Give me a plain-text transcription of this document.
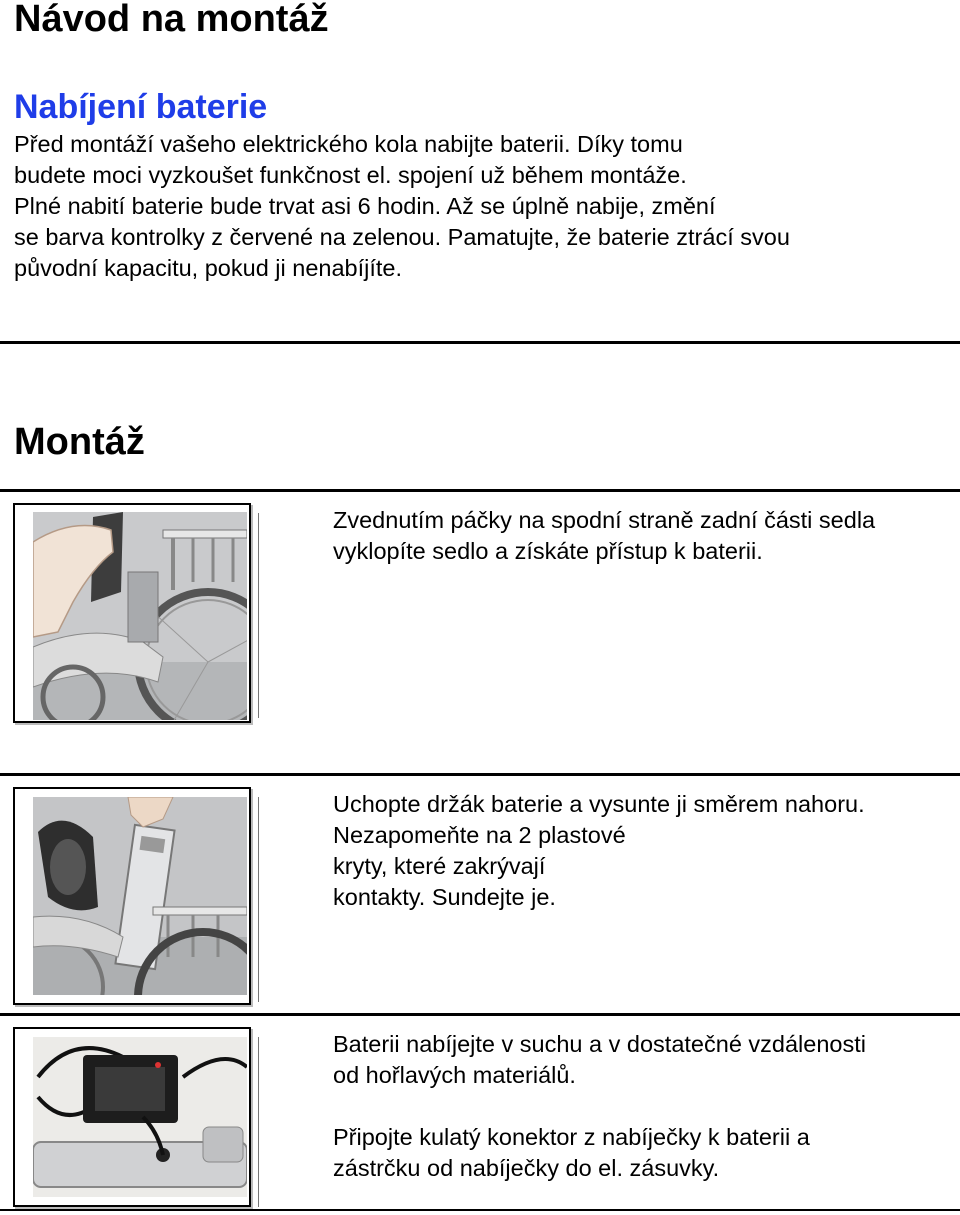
Návod na montáž
Nabíjení baterie
Před montáží vašeho elektrického kola nabijte baterii. Díky tomu
budete moci vyzkoušet funkčnost el. spojení už během montáže.
Plné nabití baterie bude trvat asi 6 hodin. Až se úplně nabije, změní
se barva kontrolky z červené na zelenou. Pamatujte, že baterie ztrácí svou
původní kapacitu, pokud ji nenabíjíte.
Montáž
Zvednutím páčky na spodní straně zadní části sedla
vyklopíte sedlo a získáte přístup k baterii.
Uchopte držák baterie a vysunte ji směrem nahoru.
Nezapomeňte na 2 plastové
kryty, které zakrývají
kontakty. Sundejte je.
Baterii nabíjejte v suchu a v dostatečné vzdálenosti
od hořlavých materiálů.
Připojte kulatý konektor z nabíječky k baterii a
zástrčku od nabíječky do el. zásuvky.
